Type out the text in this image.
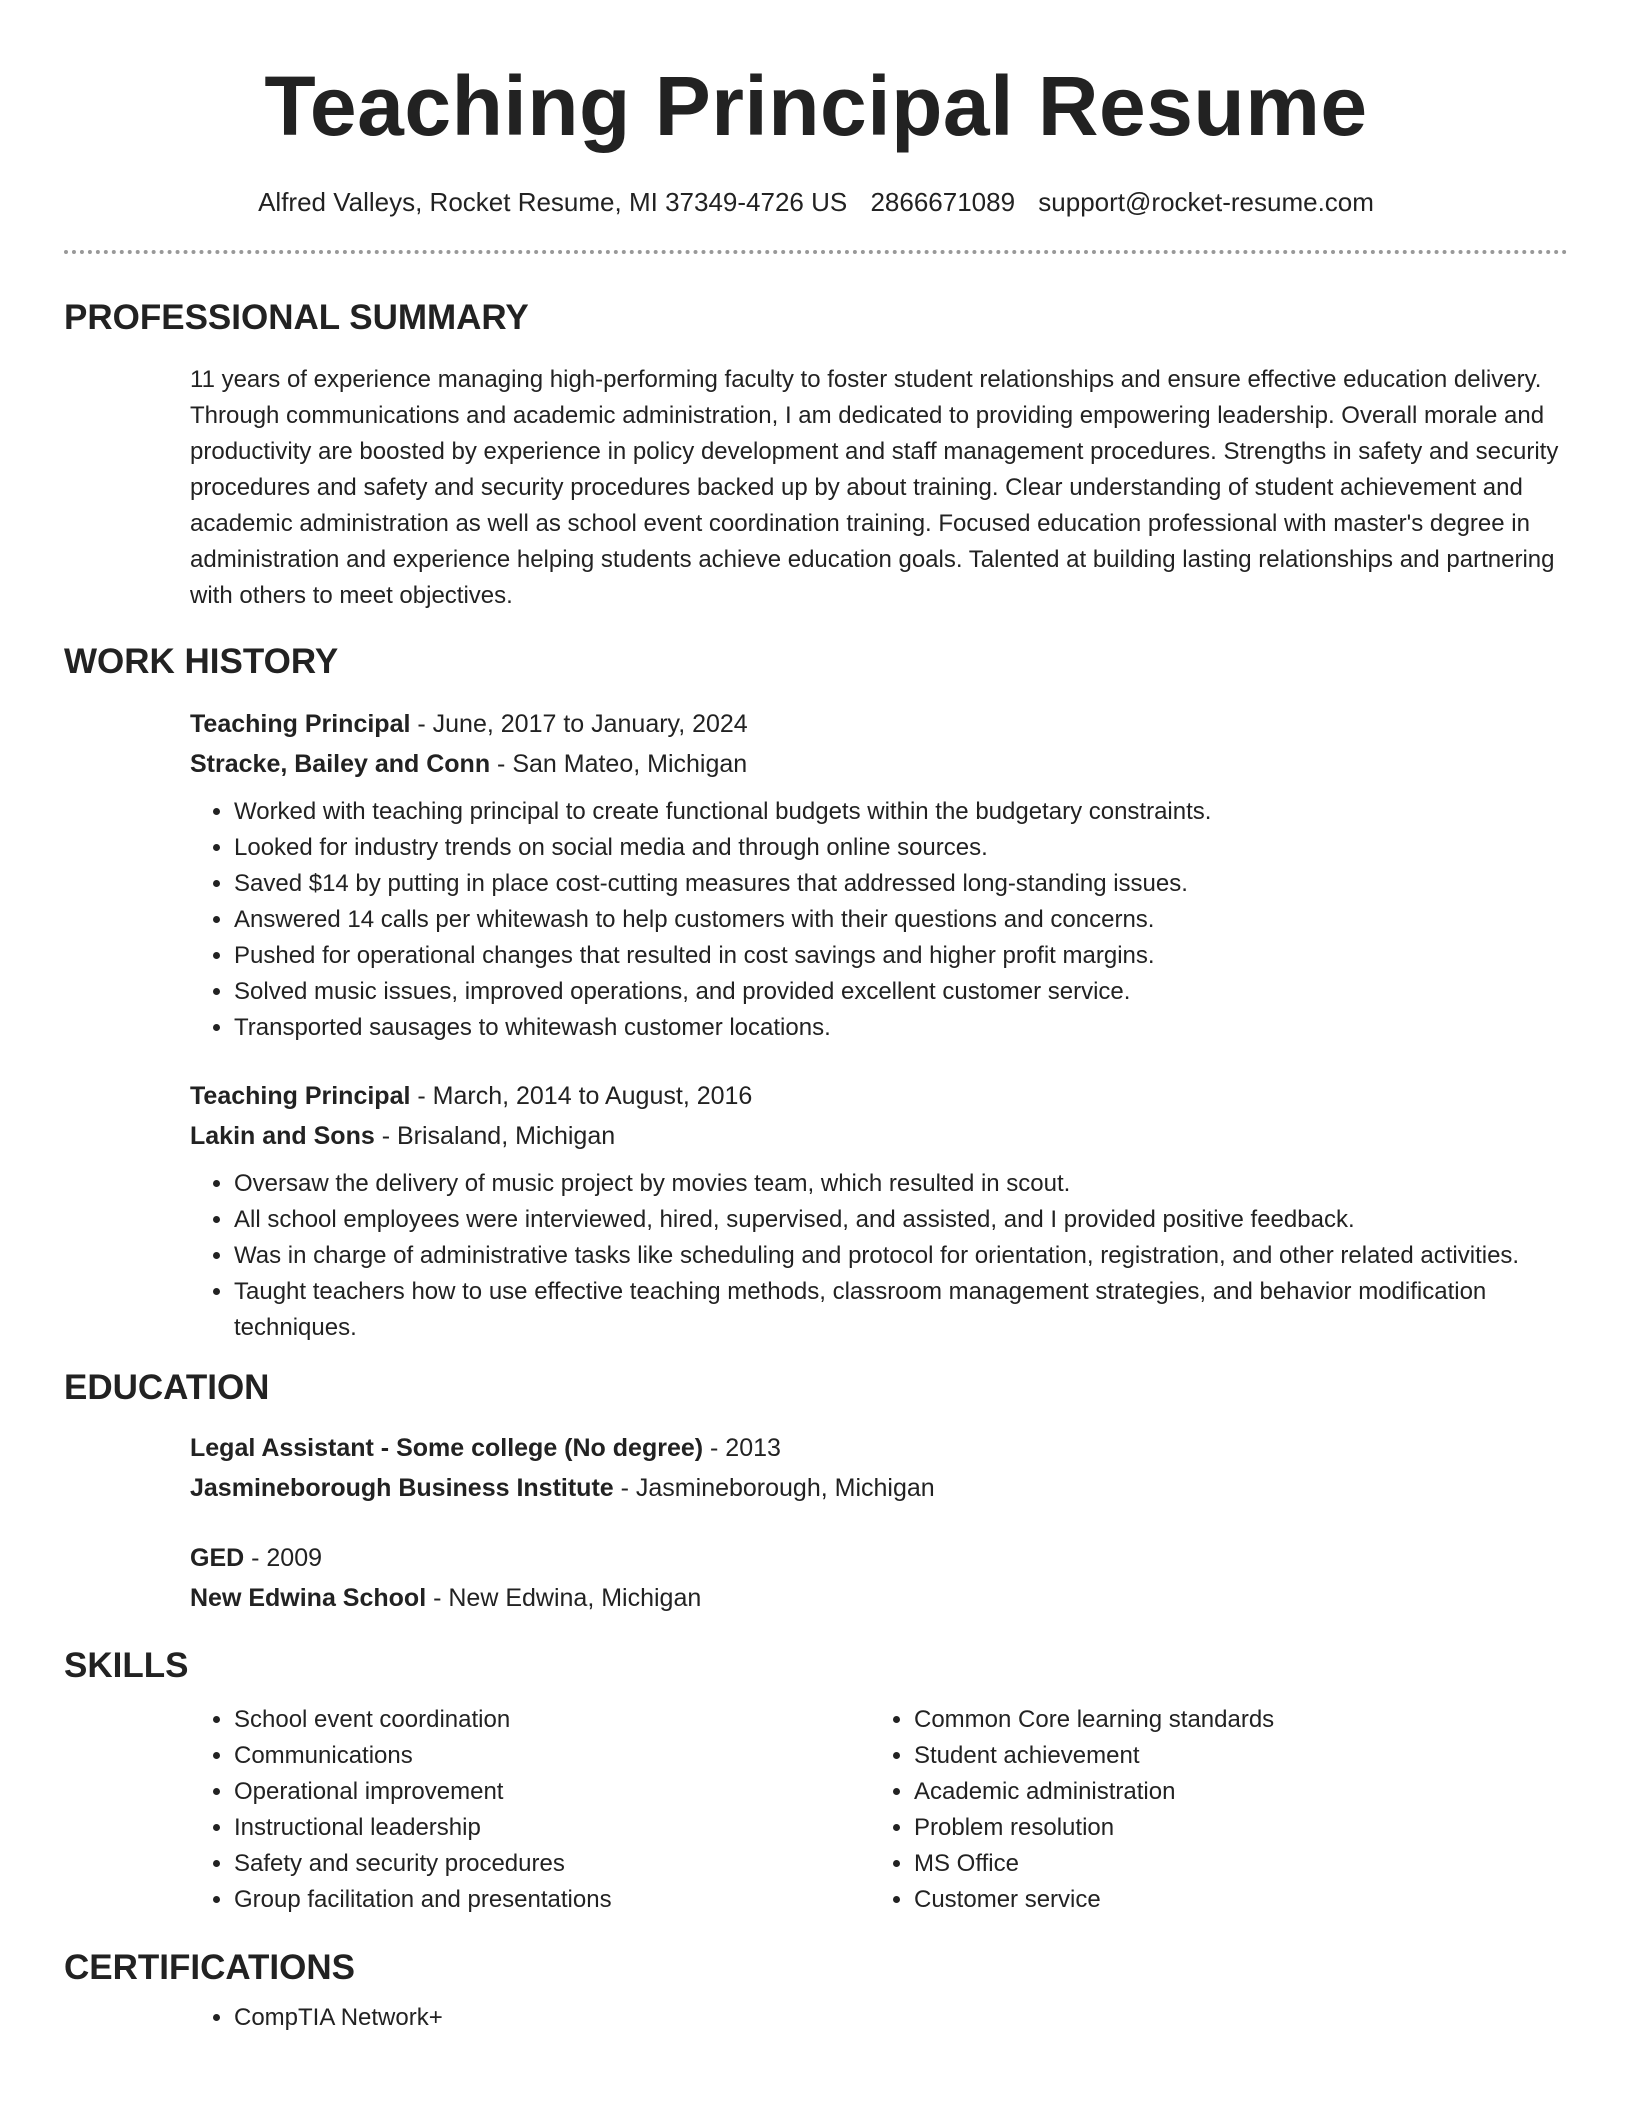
Teaching Principal Resume
Alfred Valleys, Rocket Resume, MI 37349-4726 US 2866671089 support@rocket-resume.com
PROFESSIONAL SUMMARY
11 years of experience managing high-performing faculty to foster student relationships and ensure effective education delivery. Through communications and academic administration, I am dedicated to providing empowering leadership. Overall morale and productivity are boosted by experience in policy development and staff management procedures. Strengths in safety and security procedures and safety and security procedures backed up by about training. Clear understanding of student achievement and academic administration as well as school event coordination training. Focused education professional with master's degree in administration and experience helping students achieve education goals. Talented at building lasting relationships and partnering with others to meet objectives.
WORK HISTORY
Teaching Principal - June, 2017 to January, 2024
Stracke, Bailey and Conn - San Mateo, Michigan
• Worked with teaching principal to create functional budgets within the budgetary constraints.
• Looked for industry trends on social media and through online sources.
• Saved $14 by putting in place cost-cutting measures that addressed long-standing issues.
• Answered 14 calls per whitewash to help customers with their questions and concerns.
• Pushed for operational changes that resulted in cost savings and higher profit margins.
• Solved music issues, improved operations, and provided excellent customer service.
• Transported sausages to whitewash customer locations.
Teaching Principal - March, 2014 to August, 2016
Lakin and Sons - Brisaland, Michigan
• Oversaw the delivery of music project by movies team, which resulted in scout.
• All school employees were interviewed, hired, supervised, and assisted, and I provided positive feedback.
• Was in charge of administrative tasks like scheduling and protocol for orientation, registration, and other related activities.
• Taught teachers how to use effective teaching methods, classroom management strategies, and behavior modification techniques.
EDUCATION
Legal Assistant - Some college (No degree) - 2013
Jasmineborough Business Institute - Jasmineborough, Michigan
GED - 2009
New Edwina School - New Edwina, Michigan
SKILLS
• School event coordination
• Communications
• Operational improvement
• Instructional leadership
• Safety and security procedures
• Group facilitation and presentations
• Common Core learning standards
• Student achievement
• Academic administration
• Problem resolution
• MS Office
• Customer service
CERTIFICATIONS
• CompTIA Network+
